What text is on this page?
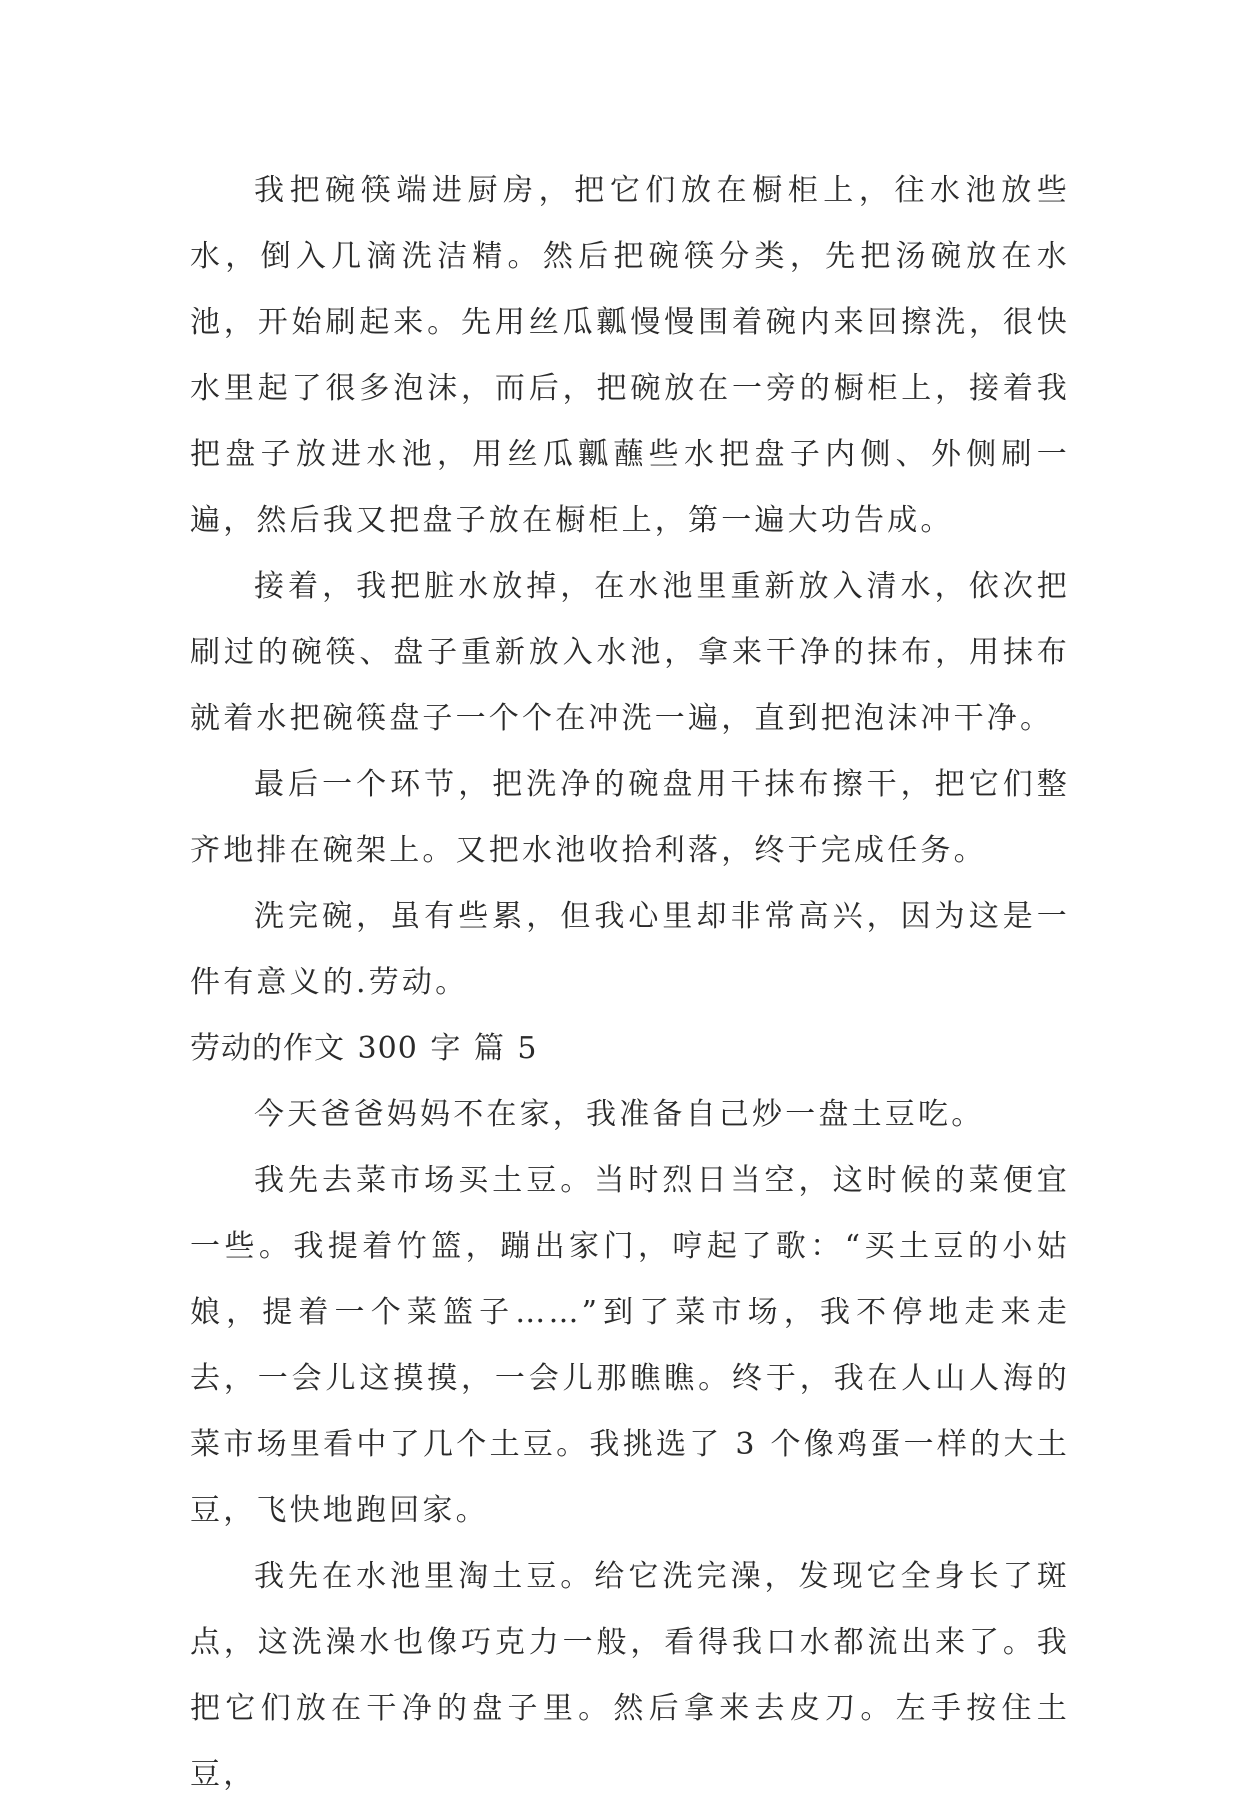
我把碗筷端进厨房，把它们放在橱柜上，往水池放些水，倒入几滴洗洁精。然后把碗筷分类，先把汤碗放在水池，开始刷起来。先用丝瓜瓤慢慢围着碗内来回擦洗，很快水里起了很多泡沫，而后，把碗放在一旁的橱柜上，接着我把盘子放进水池，用丝瓜瓤蘸些水把盘子内侧、外侧刷一遍，然后我又把盘子放在橱柜上，第一遍大功告成。

接着，我把脏水放掉，在水池里重新放入清水，依次把刷过的碗筷、盘子重新放入水池，拿来干净的抹布，用抹布就着水把碗筷盘子一个个在冲洗一遍，直到把泡沫冲干净。

最后一个环节，把洗净的碗盘用干抹布擦干，把它们整齐地排在碗架上。又把水池收拾利落，终于完成任务。

洗完碗，虽有些累，但我心里却非常高兴，因为这是一件有意义的.劳动。

劳动的作文 300 字 篇 5

今天爸爸妈妈不在家，我准备自己炒一盘土豆吃。

我先去菜市场买土豆。当时烈日当空，这时候的菜便宜一些。我提着竹篮，蹦出家门，哼起了歌：“买土豆的小姑娘，提着一个菜篮子……”到了菜市场，我不停地走来走去，一会儿这摸摸，一会儿那瞧瞧。终于，我在人山人海的菜市场里看中了几个土豆。我挑选了 3 个像鸡蛋一样的大土豆，飞快地跑回家。

我先在水池里淘土豆。给它洗完澡，发现它全身长了斑点，这洗澡水也像巧克力一般，看得我口水都流出来了。我把它们放在干净的盘子里。然后拿来去皮刀。左手按住土豆，
